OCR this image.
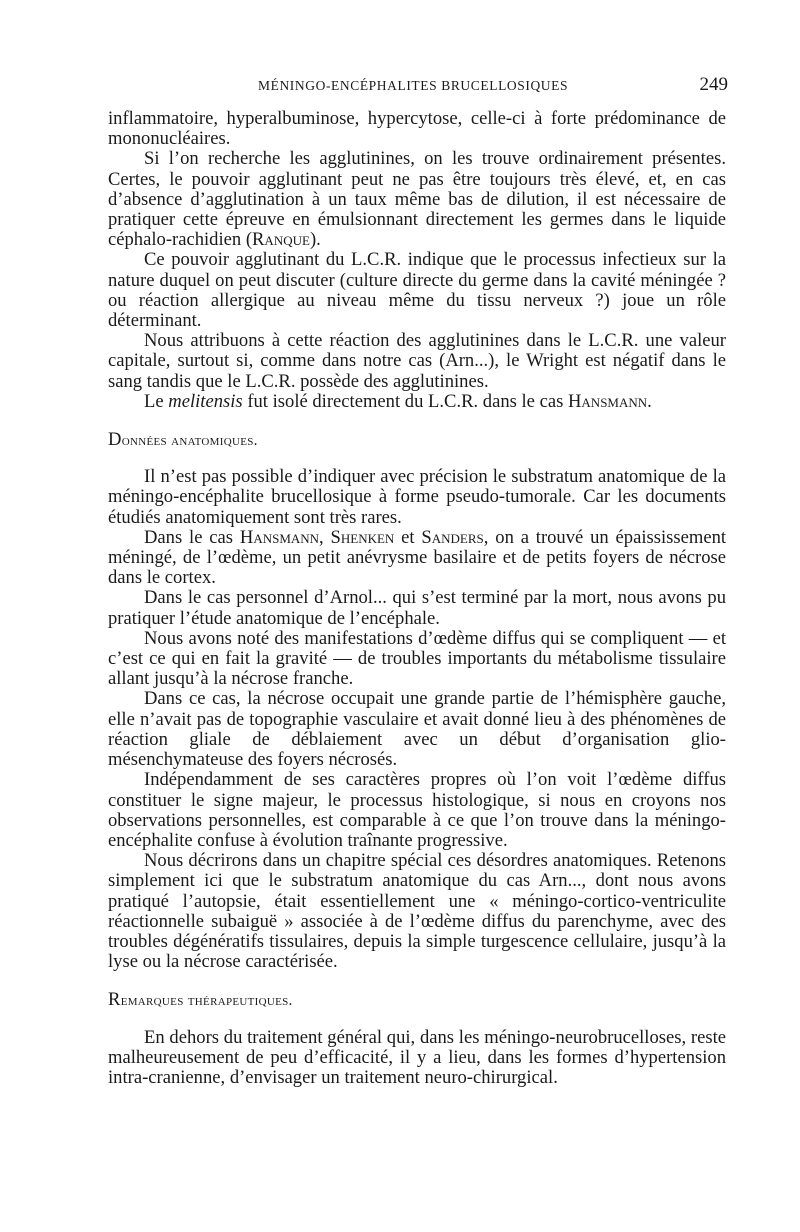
MÉNINGO-ENCÉPHALITES BRUCELLOSIQUES	249

inflammatoire, hyperalbuminose, hypercytose, celle-ci à forte prédominance de mononucléaires.

Si l’on recherche les agglutinines, on les trouve ordinairement présentes. Certes, le pouvoir agglutinant peut ne pas être toujours très élevé, et, en cas d’absence d’agglutination à un taux même bas de dilution, il est nécessaire de pratiquer cette épreuve en émulsionnant directement les germes dans le liquide céphalo-rachidien (Ranque).

Ce pouvoir agglutinant du L.C.R. indique que le processus infectieux sur la nature duquel on peut discuter (culture directe du germe dans la cavité méningée ? ou réaction allergique au niveau même du tissu nerveux ?) joue un rôle déterminant.

Nous attribuons à cette réaction des agglutinines dans le L.C.R. une valeur capitale, surtout si, comme dans notre cas (Arn...), le Wright est négatif dans le sang tandis que le L.C.R. possède des agglutinines.

Le melitensis fut isolé directement du L.C.R. dans le cas Hansmann.

Données anatomiques.

Il n’est pas possible d’indiquer avec précision le substratum anatomique de la méningo-encéphalite brucellosique à forme pseudo-tumorale. Car les documents étudiés anatomiquement sont très rares.

Dans le cas Hansmann, Shenken et Sanders, on a trouvé un épaississement méningé, de l’œdème, un petit anévrysme basilaire et de petits foyers de nécrose dans le cortex.

Dans le cas personnel d’Arnol... qui s’est terminé par la mort, nous avons pu pratiquer l’étude anatomique de l’encéphale.

Nous avons noté des manifestations d’œdème diffus qui se compliquent — et c’est ce qui en fait la gravité — de troubles importants du métabolisme tissulaire allant jusqu’à la nécrose franche.

Dans ce cas, la nécrose occupait une grande partie de l’hémisphère gauche, elle n’avait pas de topographie vasculaire et avait donné lieu à des phénomènes de réaction gliale de déblaiement avec un début d’organisation glio-mésenchymateuse des foyers nécrosés.

Indépendamment de ses caractères propres où l’on voit l’œdème diffus constituer le signe majeur, le processus histologique, si nous en croyons nos observations personnelles, est comparable à ce que l’on trouve dans la méningo-encéphalite confuse à évolution traînante progressive.

Nous décrirons dans un chapitre spécial ces désordres anatomiques. Retenons simplement ici que le substratum anatomique du cas Arn..., dont nous avons pratiqué l’autopsie, était essentiellement une « méningo-cortico-ventriculite réactionnelle subaiguë » associée à de l’œdème diffus du parenchyme, avec des troubles dégénératifs tissulaires, depuis la simple turgescence cellulaire, jusqu’à la lyse ou la nécrose caractérisée.

Remarques thérapeutiques.

En dehors du traitement général qui, dans les méningo-neurobrucelloses, reste malheureusement de peu d’efficacité, il y a lieu, dans les formes d’hypertension intra-cranienne, d’envisager un traitement neuro-chirurgical.
